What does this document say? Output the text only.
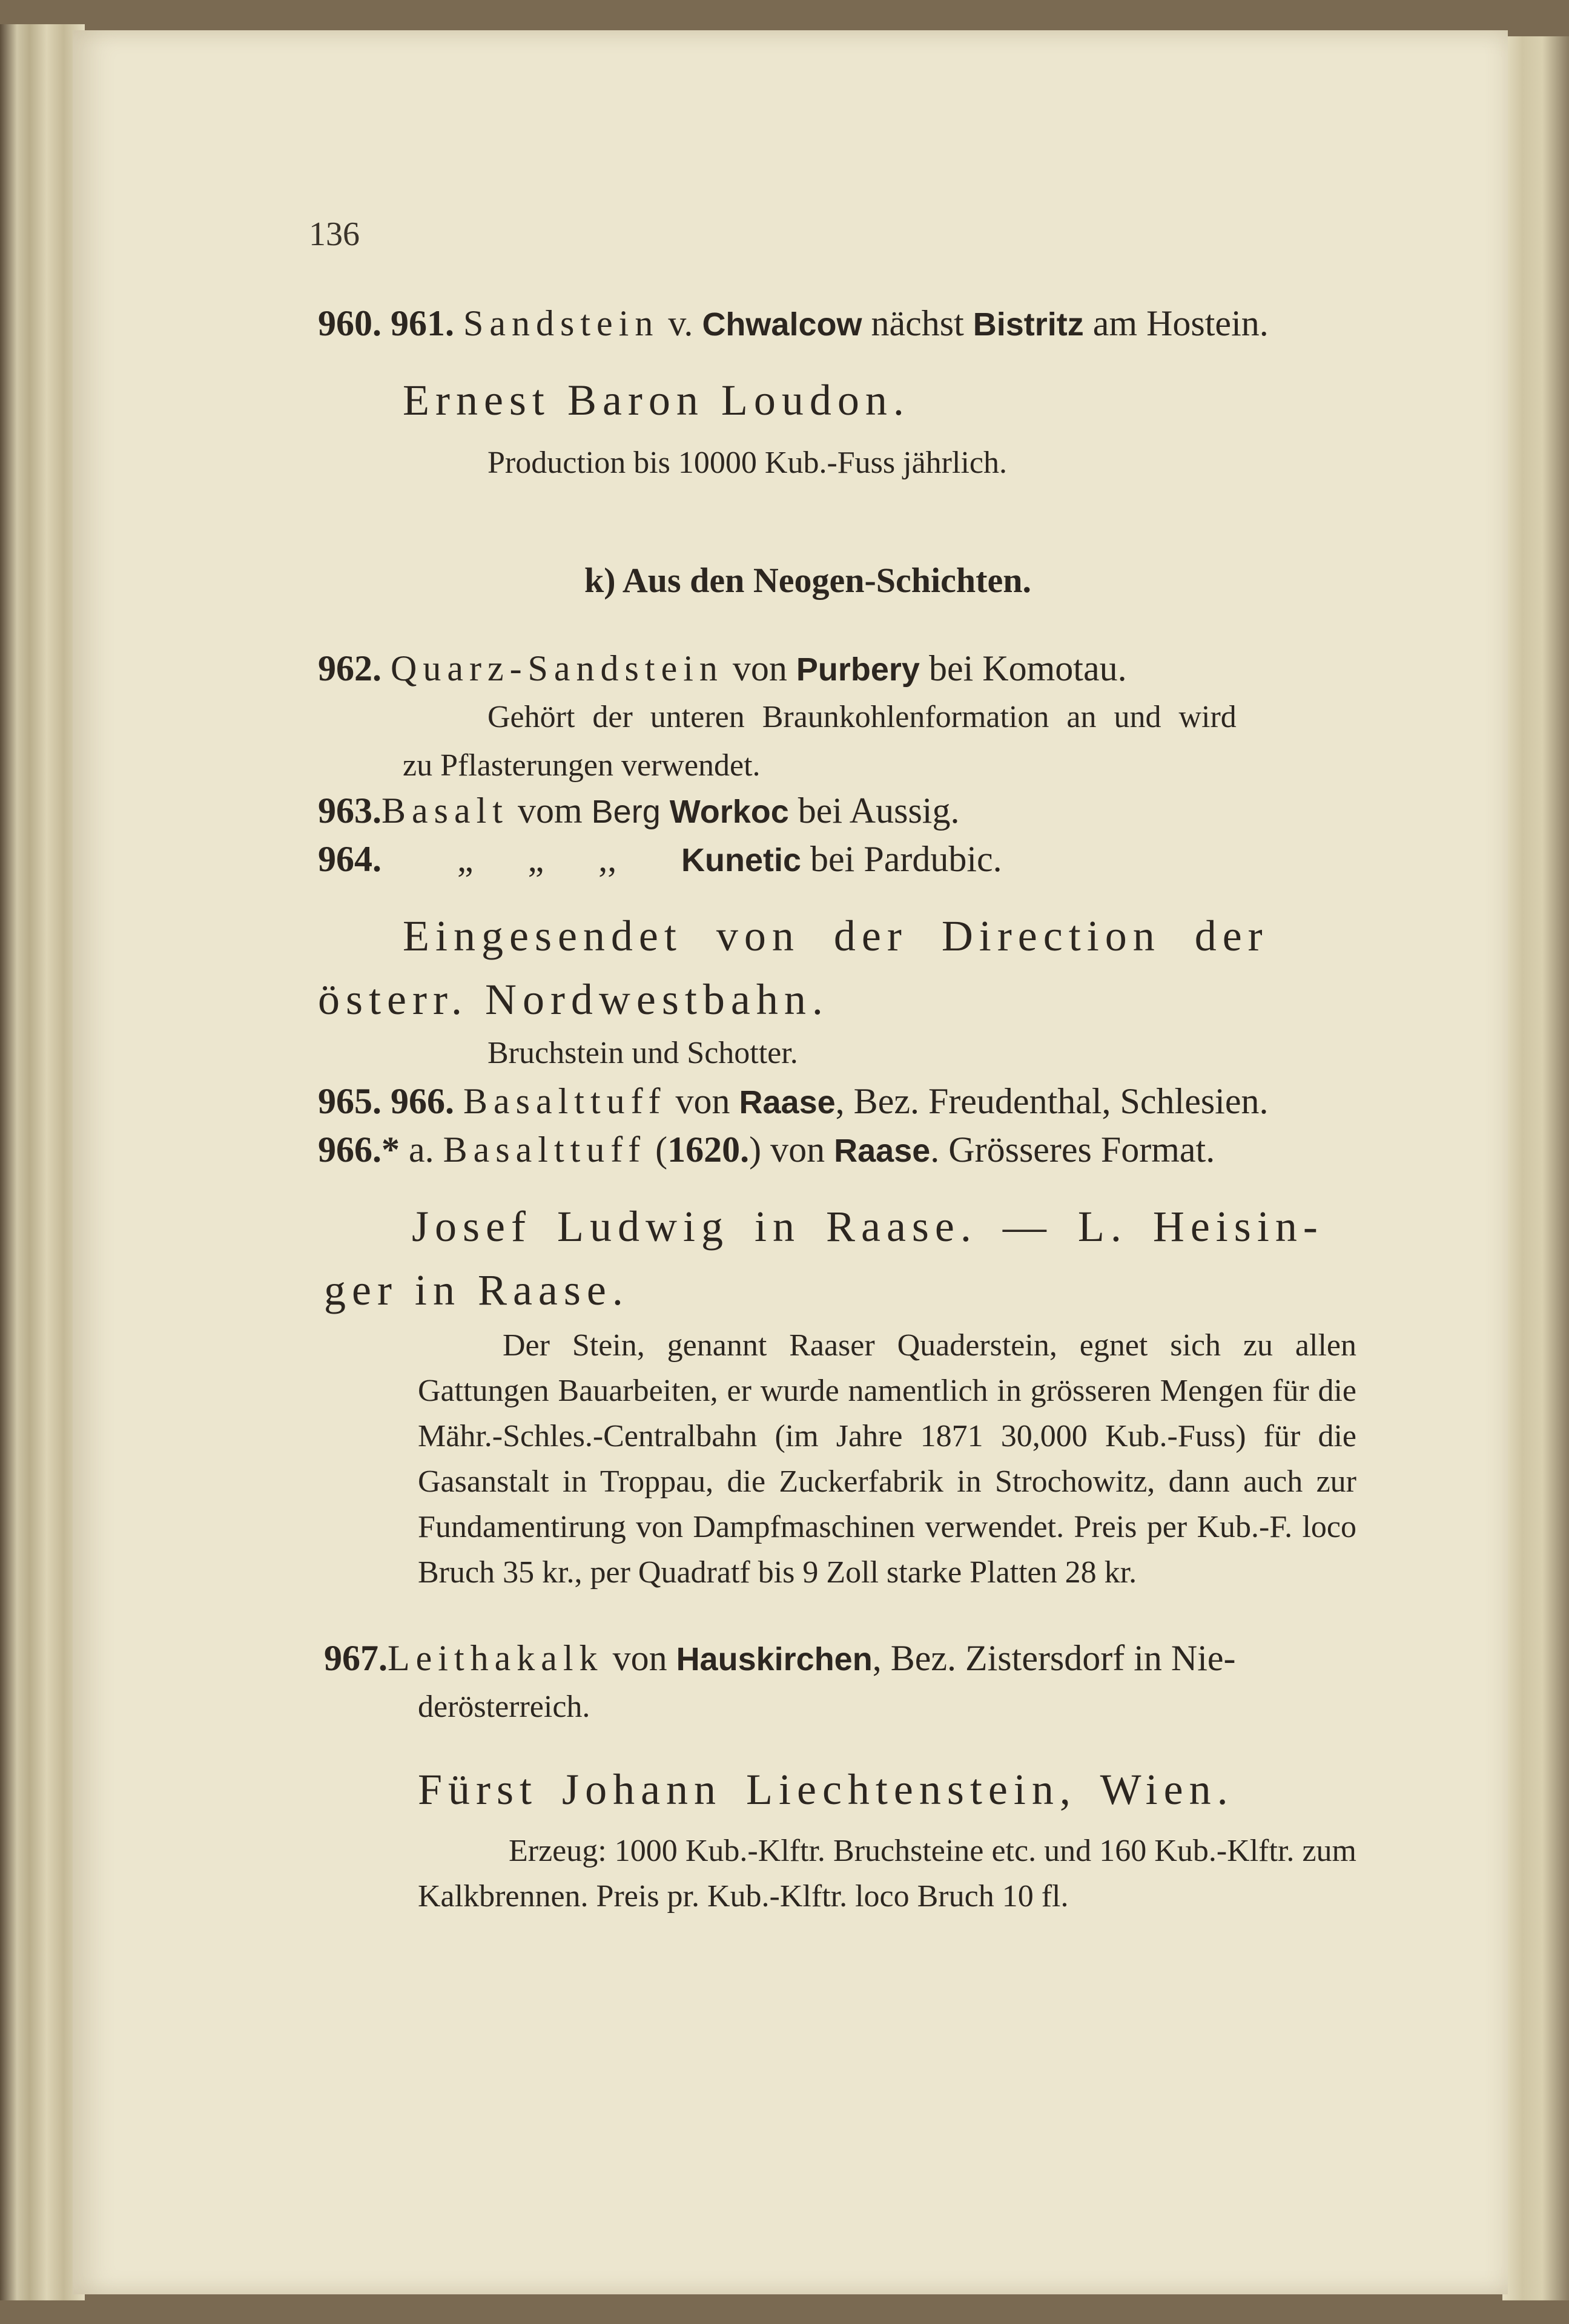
136
960. 961. Sandstein v. Chwalcow nächst Bistritz am Hostein.
Ernest Baron Loudon.
Production bis 10000 Kub.-Fuss jährlich.
k) Aus den Neogen-Schichten.
962. Quarz-Sandstein von Purbery bei Komotau.
Gehört der unteren Braunkohlenformation an und wird
zu Pflasterungen verwendet.
963.Basalt vom Berg Workoc bei Aussig.
964. „      „      ,, Kunetic bei Pardubic.
Eingesendet von der Direction der
österr. Nordwestbahn.
Bruchstein und Schotter.
965. 966. Basalttuff von Raase, Bez. Freudenthal, Schlesien.
966.* a. Basalttuff (1620.) von Raase. Grösseres Format.
Josef Ludwig in Raase. — L. Heisin-
ger in Raase.
Der Stein, genannt Raaser Quaderstein, egnet sich zu allen Gattungen Bauarbeiten, er wurde namentlich in grösseren Mengen für die Mähr.-Schles.-Centralbahn (im Jahre 1871 30,000 Kub.-Fuss) für die Gasanstalt in Troppau, die Zuckerfabrik in Strochowitz, dann auch zur Fundamentirung von Dampfmaschinen verwendet. Preis per Kub.-F. loco Bruch 35 kr., per Quadratf bis 9 Zoll starke Platten 28 kr.
967.Leithakalk von Hauskirchen, Bez. Zistersdorf in Nie-
derösterreich.
Fürst Johann Liechtenstein, Wien.
Erzeug: 1000 Kub.-Klftr. Bruchsteine etc. und 160 Kub.-Klftr. zum Kalkbrennen. Preis pr. Kub.-Klftr. loco Bruch 10 fl.
